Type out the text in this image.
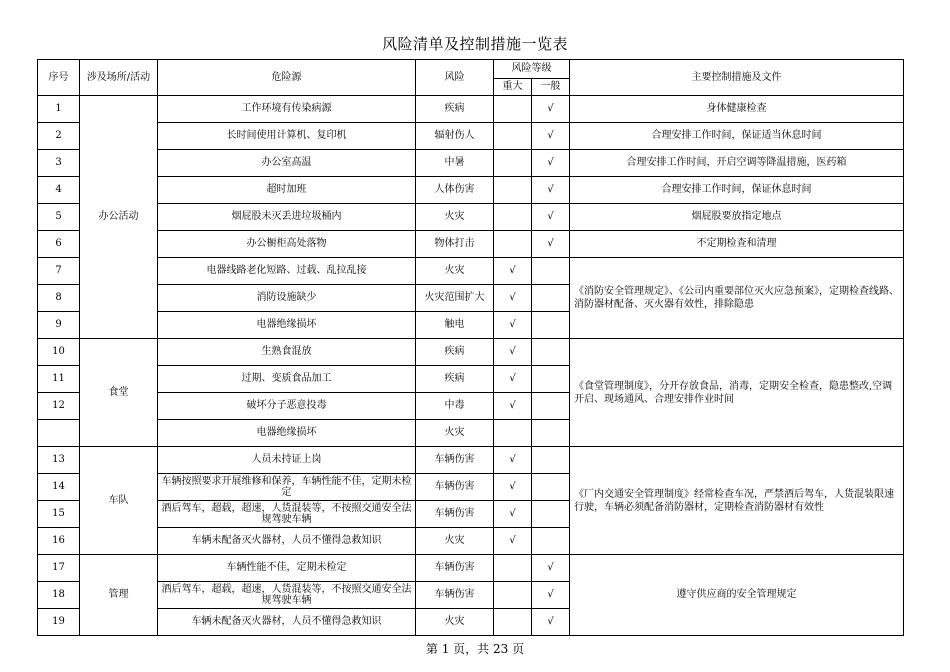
风险清单及控制措施一览表
序号	涉及场所/活动	危险源	风险	风险等级		主要控制措施及文件
				重大	一般	
1	办公活动	工作环境有传染病源	疾病		√	身体健康检查
2		长时间使用计算机、复印机	辐射伤人		√	合理安排工作时间，保证适当休息时间
3		办公室高温	中暑		√	合理安排工作时间，开启空调等降温措施，医药箱
4		超时加班	人体伤害		√	合理安排工作时间，保证休息时间
5		烟屁股未灭丢进垃圾桶内	火灾		√	烟屁股要放指定地点
6		办公橱柜高处落物	物体打击		√	不定期检查和清理
7		电器线路老化短路、过载、乱拉乱接	火灾	√		《消防安全管理规定》、《公司内重要部位灭火应急预案》，定期检查线路、消防器材配备、灭火器有效性，排除隐患
8		消防设施缺少	火灾范围扩大	√		
9		电器绝缘损坏	触电	√		
10	食堂	生熟食混放	疾病	√		《食堂管理制度》，分开存放食品，消毒，定期安全检查，隐患整改,空调开启、现场通风、合理安排作业时间
11		过期、变质食品加工	疾病	√		
12		破坏分子恶意投毒	中毒	√		
		电器绝缘损坏	火灾			
13	车队	人员未持证上岗	车辆伤害	√		《厂内交通安全管理制度》经常检查车况，严禁酒后驾车，人货混装限速行驶，车辆必须配备消防器材，定期检查消防器材有效性
14		车辆按照要求开展维修和保养，车辆性能不佳，定期未检定	车辆伤害	√		
15		酒后驾车，超载，超速，人货混装等，不按照交通安全法规驾驶车辆	车辆伤害	√		
16		车辆未配备灭火器材，人员不懂得急救知识	火灾	√		
17	管理	车辆性能不佳，定期未检定	车辆伤害		√	遵守供应商的安全管理规定
18		酒后驾车，超载，超速，人货混装等，不按照交通安全法规驾驶车辆	车辆伤害		√	
19		车辆未配备灭火器材，人员不懂得急救知识	火灾		√	
第 1 页，共 23 页
